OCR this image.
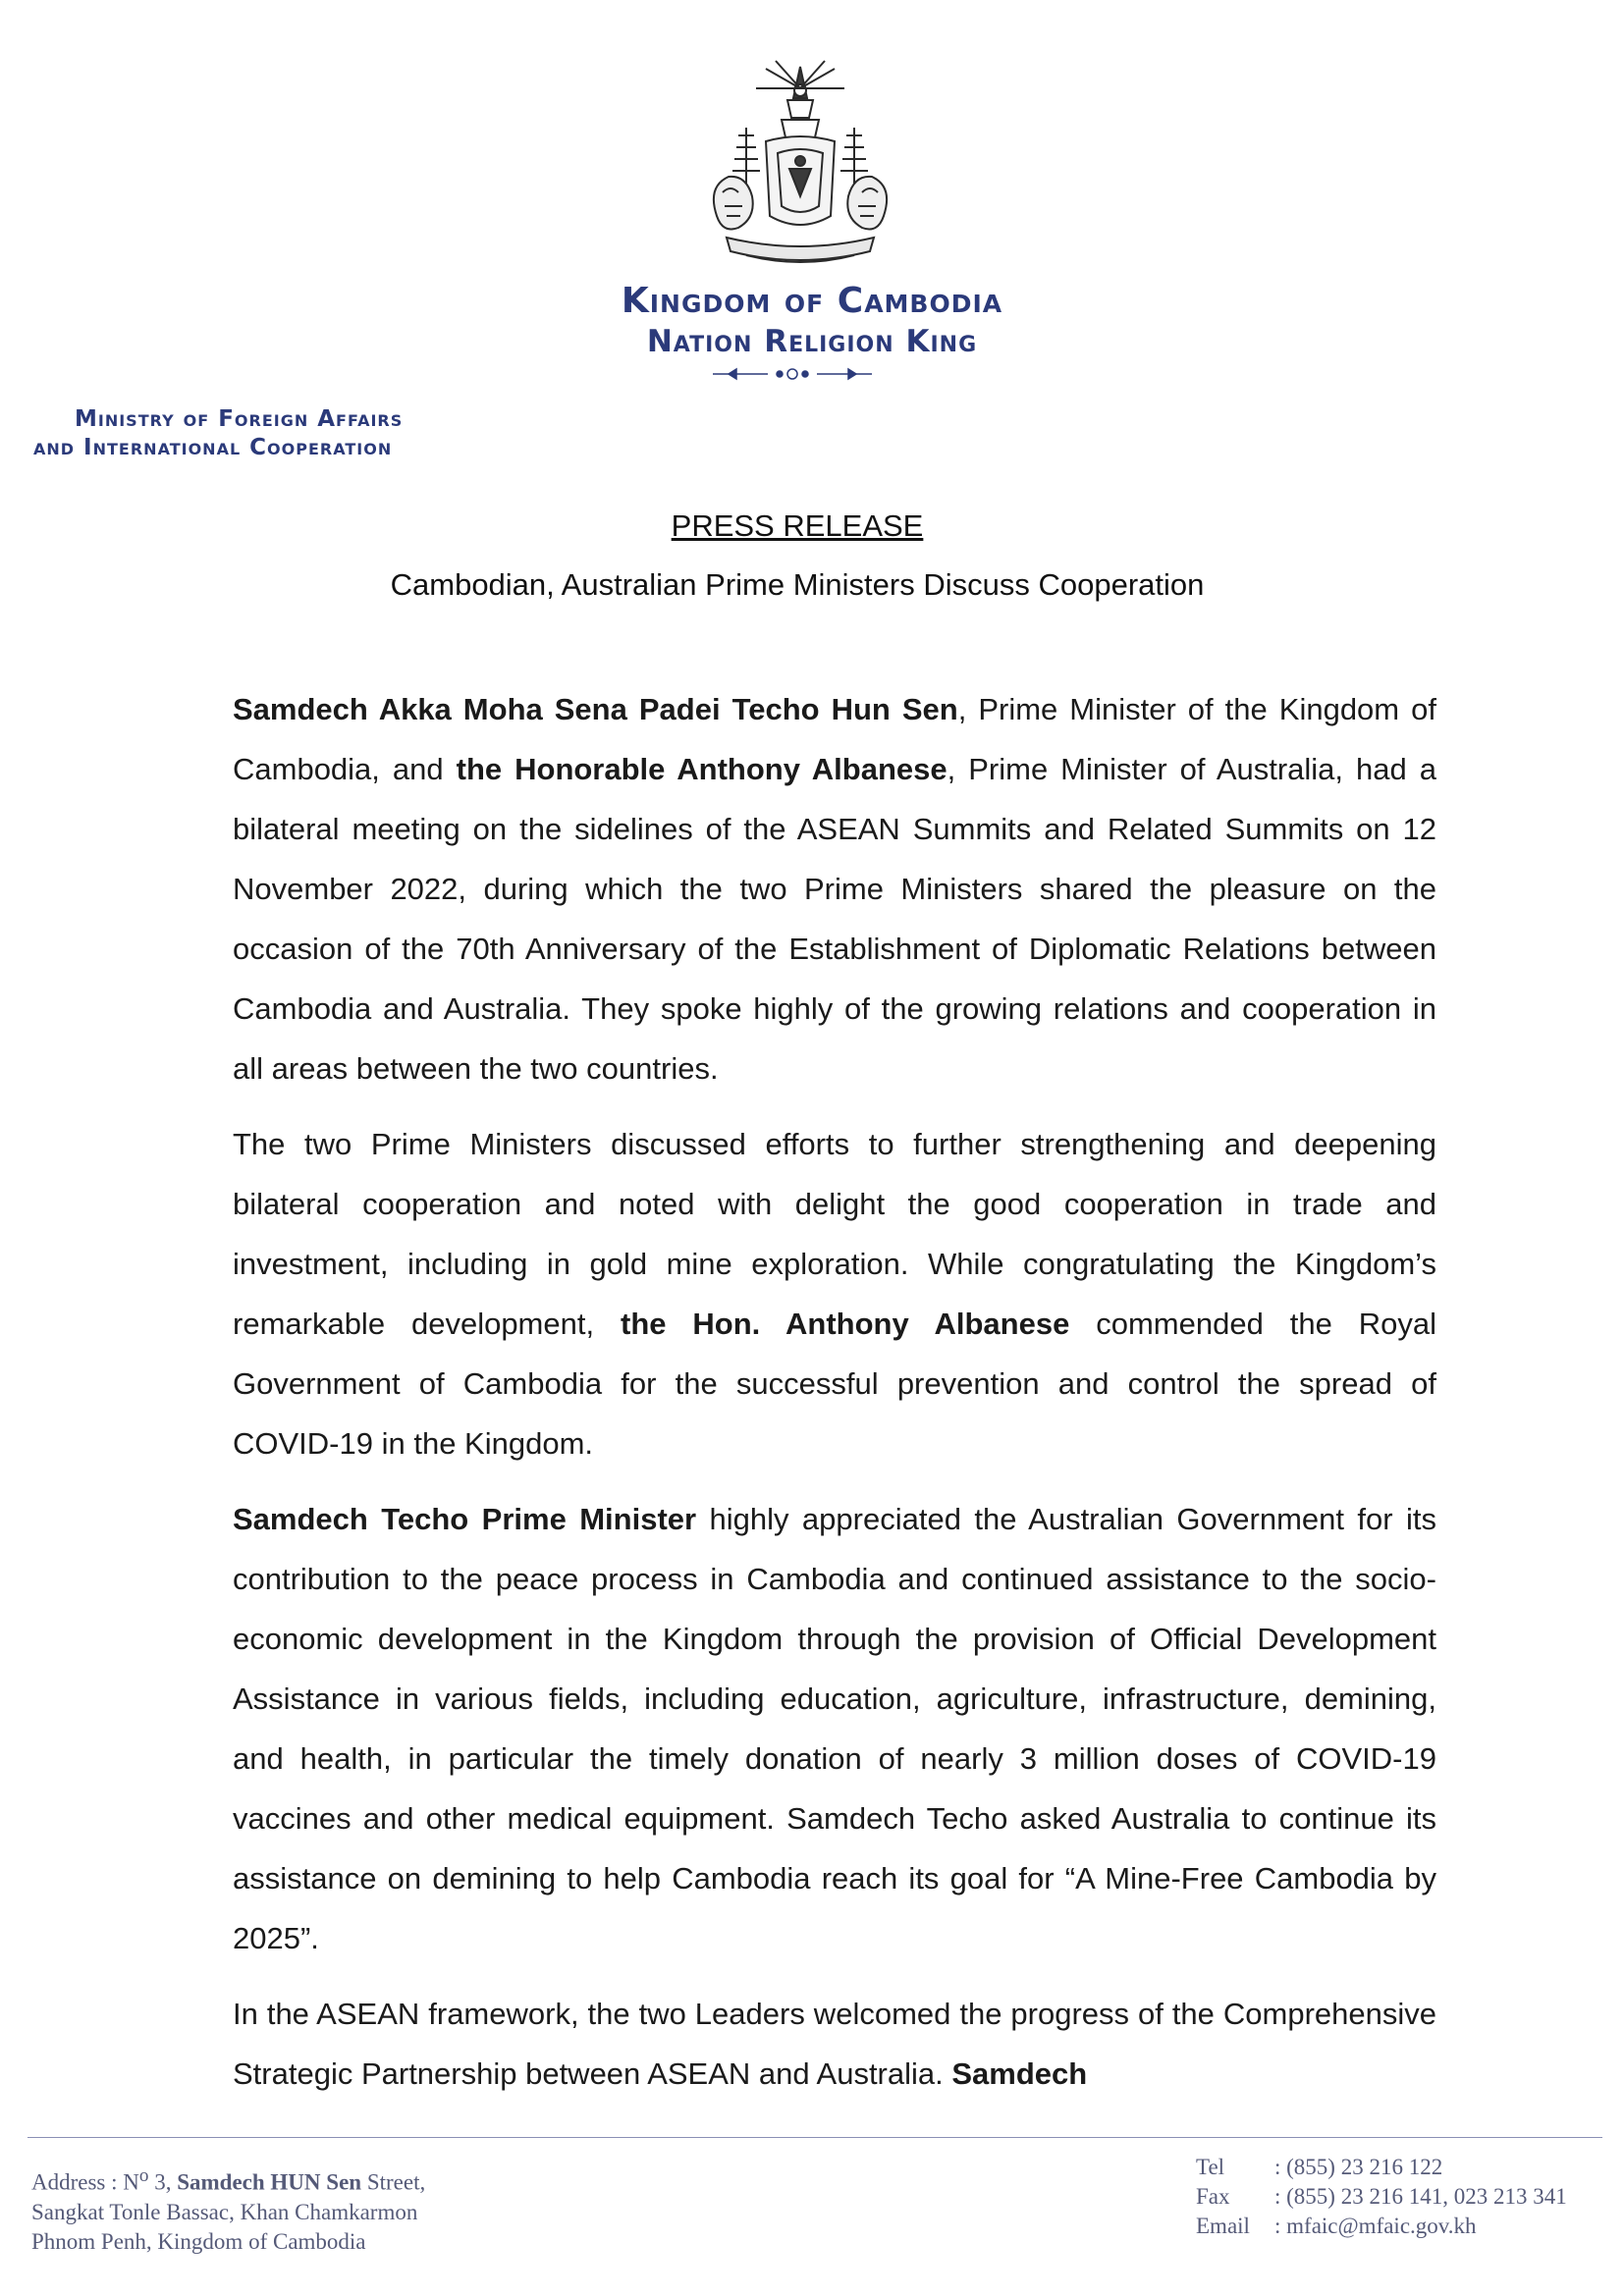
Kingdom of Cambodia
Nation Religion King
Ministry of Foreign Affairs
and International Cooperation
PRESS RELEASE
Cambodian, Australian Prime Ministers Discuss Cooperation

Samdech Akka Moha Sena Padei Techo Hun Sen, Prime Minister of the Kingdom of Cambodia, and the Honorable Anthony Albanese, Prime Minister of Australia, had a bilateral meeting on the sidelines of the ASEAN Summits and Related Summits on 12 November 2022, during which the two Prime Ministers shared the pleasure on the occasion of the 70th Anniversary of the Establishment of Diplomatic Relations between Cambodia and Australia. They spoke highly of the growing relations and cooperation in all areas between the two countries.

The two Prime Ministers discussed efforts to further strengthening and deepening bilateral cooperation and noted with delight the good cooperation in trade and investment, including in gold mine exploration. While congratulating the Kingdom’s remarkable development, the Hon. Anthony Albanese commended the Royal Government of Cambodia for the successful prevention and control the spread of COVID-19 in the Kingdom.

Samdech Techo Prime Minister highly appreciated the Australian Government for its contribution to the peace process in Cambodia and continued assistance to the socio-economic development in the Kingdom through the provision of Official Development Assistance in various fields, including education, agriculture, infrastructure, demining, and health, in particular the timely donation of nearly 3 million doses of COVID-19 vaccines and other medical equipment. Samdech Techo asked Australia to continue its assistance on demining to help Cambodia reach its goal for “A Mine-Free Cambodia by 2025”.

In the ASEAN framework, the two Leaders welcomed the progress of the Comprehensive Strategic Partnership between ASEAN and Australia. Samdech

Address : $N^o$ 3, Samdech HUN Sen Street,
Sangkat Tonle Bassac, Khan Chamkarmon
Phnom Penh, Kingdom of Cambodia
Tel : (855) 23 216 122
Fax : (855) 23 216 141, 023 213 341
Email : mfaic@mfaic.gov.kh
